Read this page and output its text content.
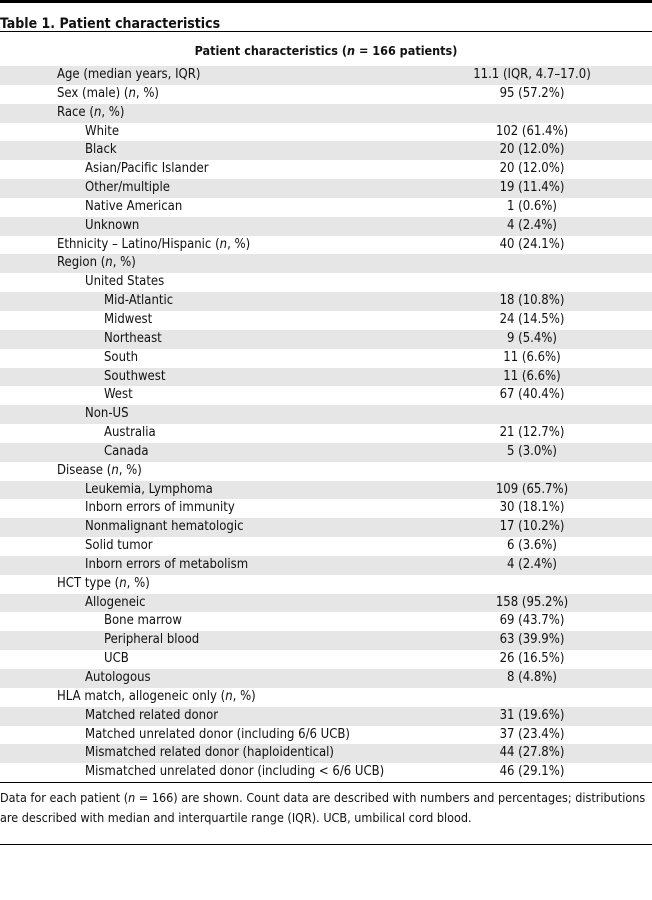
Table 1. Patient characteristics
Patient characteristics (n = 166 patients)
Age (median years, IQR)	11.1 (IQR, 4.7–17.0)
Sex (male) (n, %)	95 (57.2%)
Race (n, %)
White	102 (61.4%)
Black	20 (12.0%)
Asian/Pacific Islander	20 (12.0%)
Other/multiple	19 (11.4%)
Native American	1 (0.6%)
Unknown	4 (2.4%)
Ethnicity – Latino/Hispanic (n, %)	40 (24.1%)
Region (n, %)
United States
Mid-Atlantic	18 (10.8%)
Midwest	24 (14.5%)
Northeast	9 (5.4%)
South	11 (6.6%)
Southwest	11 (6.6%)
West	67 (40.4%)
Non-US
Australia	21 (12.7%)
Canada	5 (3.0%)
Disease (n, %)
Leukemia, Lymphoma	109 (65.7%)
Inborn errors of immunity	30 (18.1%)
Nonmalignant hematologic	17 (10.2%)
Solid tumor	6 (3.6%)
Inborn errors of metabolism	4 (2.4%)
HCT type (n, %)
Allogeneic	158 (95.2%)
Bone marrow	69 (43.7%)
Peripheral blood	63 (39.9%)
UCB	26 (16.5%)
Autologous	8 (4.8%)
HLA match, allogeneic only (n, %)
Matched related donor	31 (19.6%)
Matched unrelated donor (including 6/6 UCB)	37 (23.4%)
Mismatched related donor (haploidentical)	44 (27.8%)
Mismatched unrelated donor (including < 6/6 UCB)	46 (29.1%)
Data for each patient (n = 166) are shown. Count data are described with numbers and percentages; distributions are described with median and interquartile range (IQR). UCB, umbilical cord blood.
